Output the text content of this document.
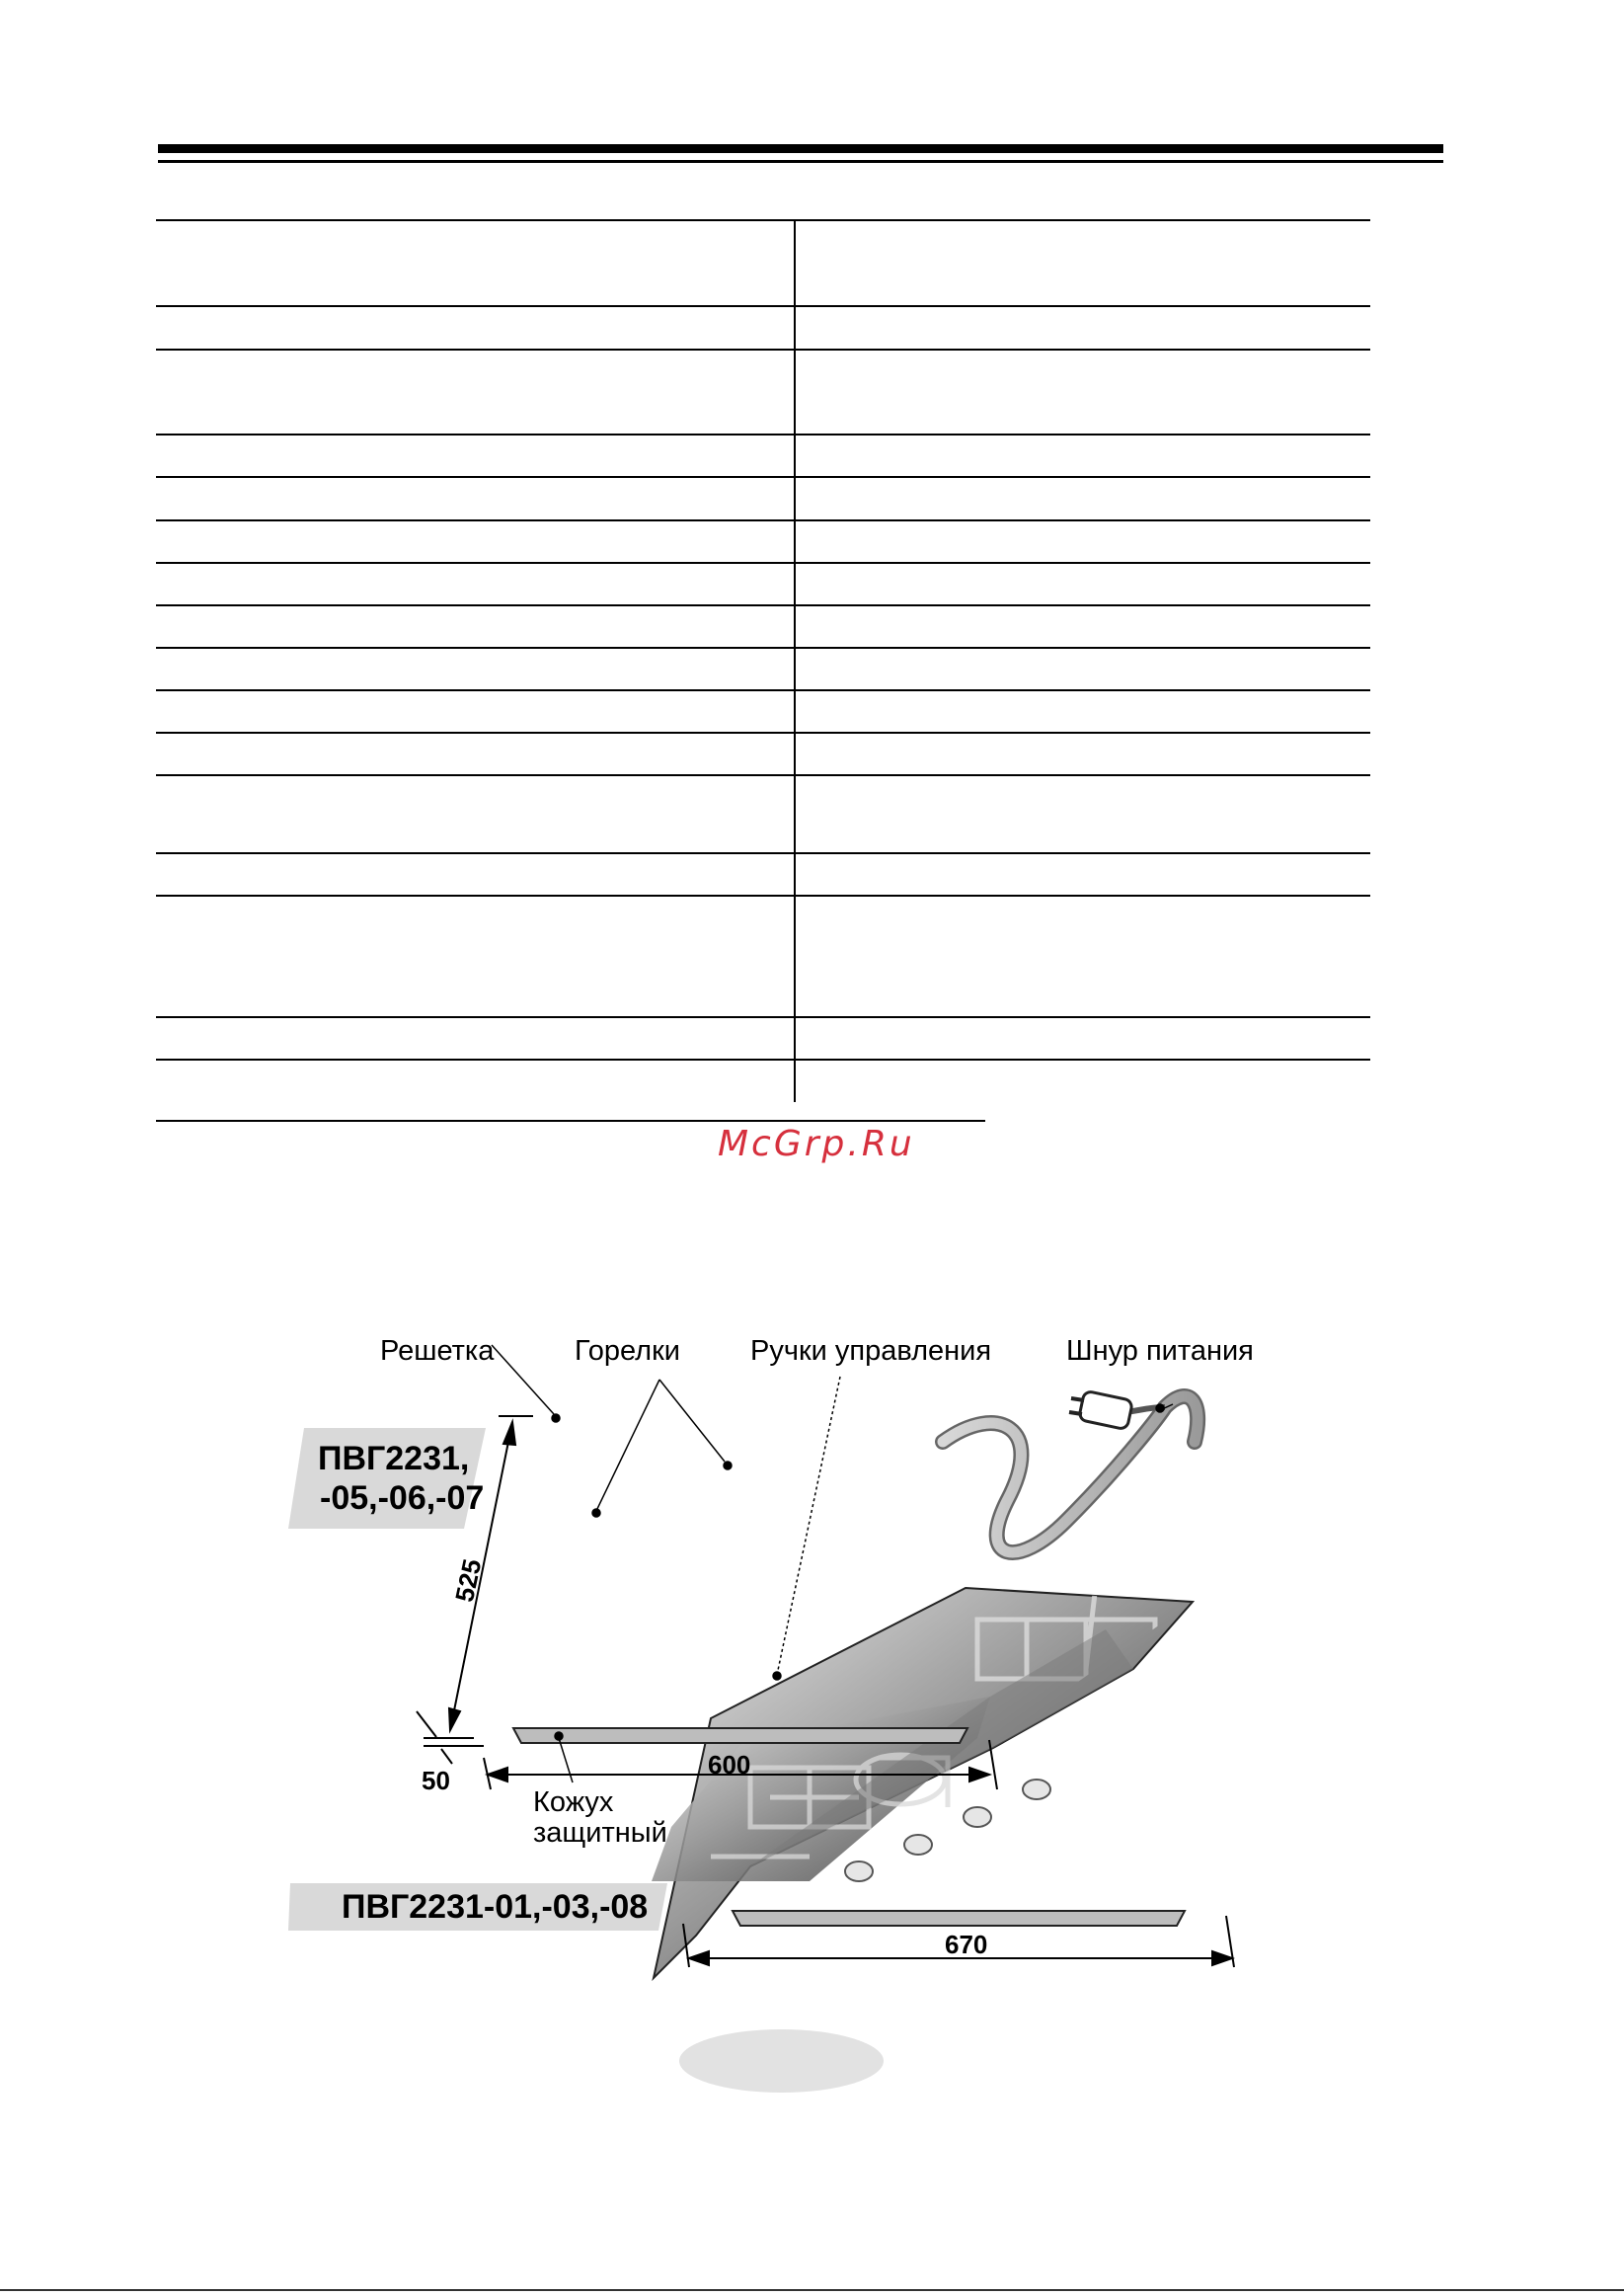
McGrp.Ru
Решетка	Горелки Ручки управления	Шнур питания
Кожух
защитный
ПВГ2231,
-05,-06,-07
ПВГ2231-01,-03,-08
525
50
600
670
